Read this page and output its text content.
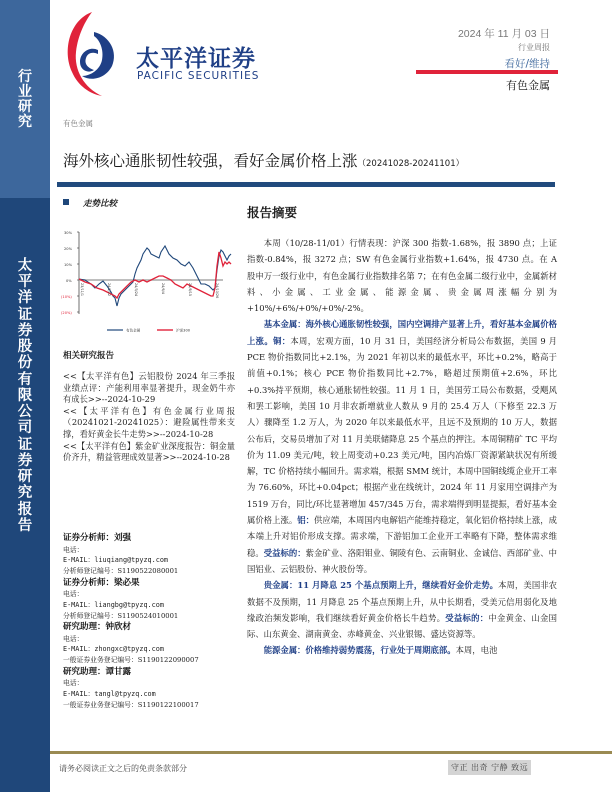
行
业
研
究
太
平
洋
证
券
股
份
有
限
公
司
证
券
研
究
报
告
太平洋证券
PACIFIC SECURITIES
2024 年 11 月 03 日
行业周报
看好/维持
有色金属
有色金属
海外核心通胀韧性较强，看好金属价格上涨（20241028-20241101）
走势比较
30%
20%
10%
0%
(10%)
(20%)
23/11/1	24/1/12	24/3/24	24/6/4	24/8/15	24/10/26
有色金属	沪深300
相关研究报告
<<【太平洋有色】云铝股份 2024 年三季报业绩点评：产能利用率显著提升，现金奶牛亦有成长>>--2024-10-29
<<【太平洋有色】有色金属行业周报（20241021-20241025）：避险属性带来支撑，看好黄金长牛走势>>--2024-10-28
<<【太平洋有色】紫金矿业深度报告：铜金量价齐升，精益管理成效显著>>--2024-10-28
证券分析师：刘强
电话：
E-MAIL：liuqiang@tpyzq.com
分析师登记编号：S1190522080001
证券分析师：梁必果
电话：
E-MAIL：liangbg@tpyzq.com
分析师登记编号：S1190524010001
研究助理：钟欣材
电话：
E-MAIL：zhongxc@tpyzq.com
一般证券业务登记编号：S1190122090007
研究助理：谭甘露
电话：
E-MAIL：tangl@tpyzq.com
一般证券业务登记编号：S1190122100017
报告摘要

本周（10/28-11/01）行情表现：沪深 300 指数-1.68%，报 3890 点；上证指数-0.84%，报 3272 点；SW 有色金属行业指数+1.64%，报 4730 点。在 A 股申万一级行业中，有色金属行业指数排名第 7；在有色金属二级行业中，金属新材料、小金属、工业金属、能源金属、贵金属周涨幅分别为+10%/+6%/+0%/+0%/-2%。

基本金属：海外核心通胀韧性较强，国内空调排产显著上升，看好基本金属价格上涨。铜：本周，宏观方面，10 月 31 日，美国经济分析局公布数据，美国 9 月 PCE 物价指数同比+2.1%，为 2021 年初以来的最低水平，环比+0.2%，略高于前值+0.1%；核心 PCE 物价指数同比+2.7%，略超过预期值+2.6%，环比+0.3%持平预期，核心通胀韧性较强。11 月 1 日，美国劳工局公布数据，受飓风和罢工影响，美国 10 月非农新增就业人数从 9 月的 25.4 万人（下修至 22.3 万人）骤降至 1.2 万人，为 2020 年以来最低水平，且远不及预期的 10 万人，数据公布后，交易员增加了对 11 月美联储降息 25 个基点的押注。本周铜精矿 TC 平均价为 11.09 美元/吨，较上周变动+0.23 美元/吨，国内冶炼厂资源紧缺状况有所缓解，TC 价格持续小幅回升。需求端，根据 SMM 统计，本周中国铜线缆企业开工率为 76.60%，环比+0.04pct；根据产业在线统计，2024 年 11 月家用空调排产为 1519 万台，同比/环比显著增加 457/345 万台，需求端得到明显提振，看好基本金属价格上涨。铝：供应端，本周国内电解铝产能维持稳定，氧化铝价格持续上涨，成本端上升对铝价形成支撑。需求端，下游铝加工企业开工率略有下降，整体需求维稳。受益标的：紫金矿业、洛阳钼业、铜陵有色、云南铜业、金诚信、西部矿业、中国铝业、云铝股份、神火股份等。

贵金属：11 月降息 25 个基点预期上升，继续看好金价走势。本周，美国非农数据不及预期，11 月降息 25 个基点预期上升，从中长期看，受美元信用弱化及地缘政治频发影响，我们继续看好黄金价格长牛趋势。受益标的：中金黄金、山金国际、山东黄金、湖南黄金、赤峰黄金、兴业银锡、盛达资源等。

能源金属：价格维持弱势震荡，行业处于周期底部。本周，电池

请务必阅读正文之后的免责条款部分	守正 出奇 宁静 致远
